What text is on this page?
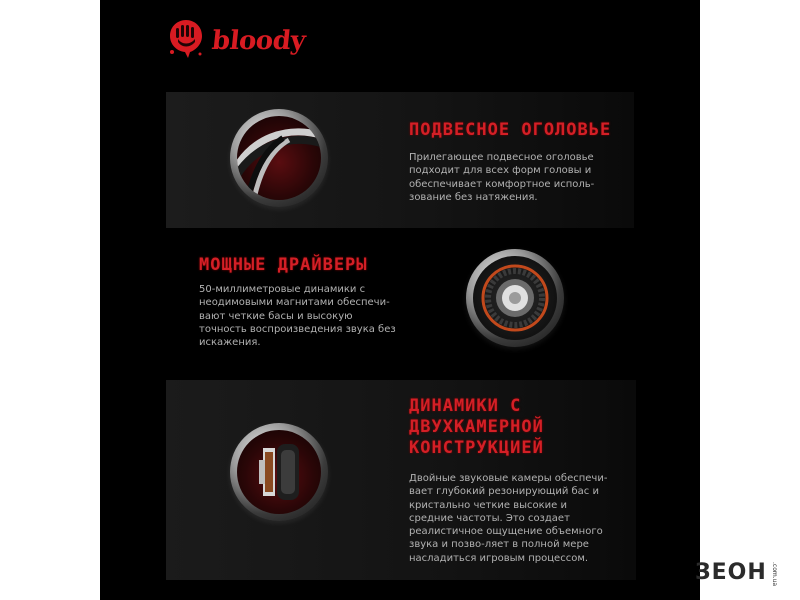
bloody
ПОДВЕСНОЕ ОГОЛОВЬЕ

Прилегающее подвесное оголовье подходит для всех форм головы и обеспечивает комфортное исполь-зование без натяжения.

МОЩНЫЕ ДРАЙВЕРЫ

50-миллиметровые динамики с неодимовыми магнитами обеспечи-вают четкие басы и высокую точность воспроизведения звука без искажения.

ДИНАМИКИ С ДВУХКАМЕРНОЙ КОНСТРУКЦИЕЙ

Двойные звуковые камеры обеспечи-вает глубокий резонирующий бас и кристально четкие высокие и средние частоты. Это создает реалистичное ощущение объемного звука и позво-ляет в полной мере насладиться игровым процессом.

ЗЕОН .com.ua
